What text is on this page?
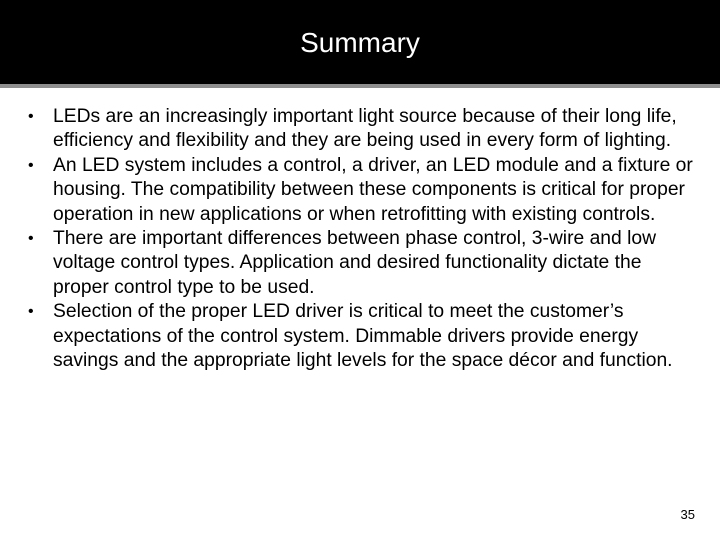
Summary
•	LEDs are an increasingly important light source because of their long life, efficiency and flexibility and they are being used in every form of lighting.
•	An LED system includes a control, a driver, an LED module and a fixture or housing. The compatibility between these components is critical for proper operation in new applications or when retrofitting with existing controls.
•	There are important differences between phase control, 3-wire and low voltage control types. Application and desired functionality dictate the proper control type to be used.
•	Selection of the proper LED driver is critical to meet the customer’s expectations of the control system. Dimmable drivers provide energy savings and the appropriate light levels for the space décor and function.
35
